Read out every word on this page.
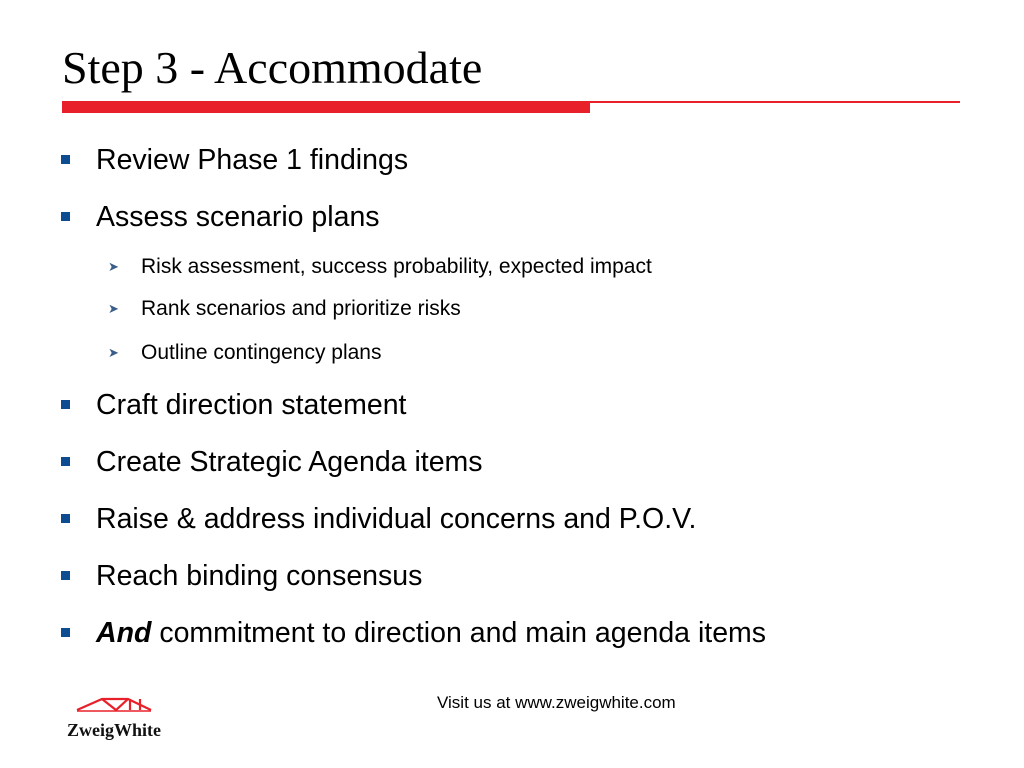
Step 3 - Accommodate
Review Phase 1 findings
Assess scenario plans
➤ Risk assessment, success probability, expected impact
➤ Rank scenarios and prioritize risks
➤ Outline contingency plans
Craft direction statement
Create Strategic Agenda items
Raise & address individual concerns and P.O.V.
Reach binding consensus
And commitment to direction and main agenda items
Visit us at www.zweigwhite.com
ZweigWhite
